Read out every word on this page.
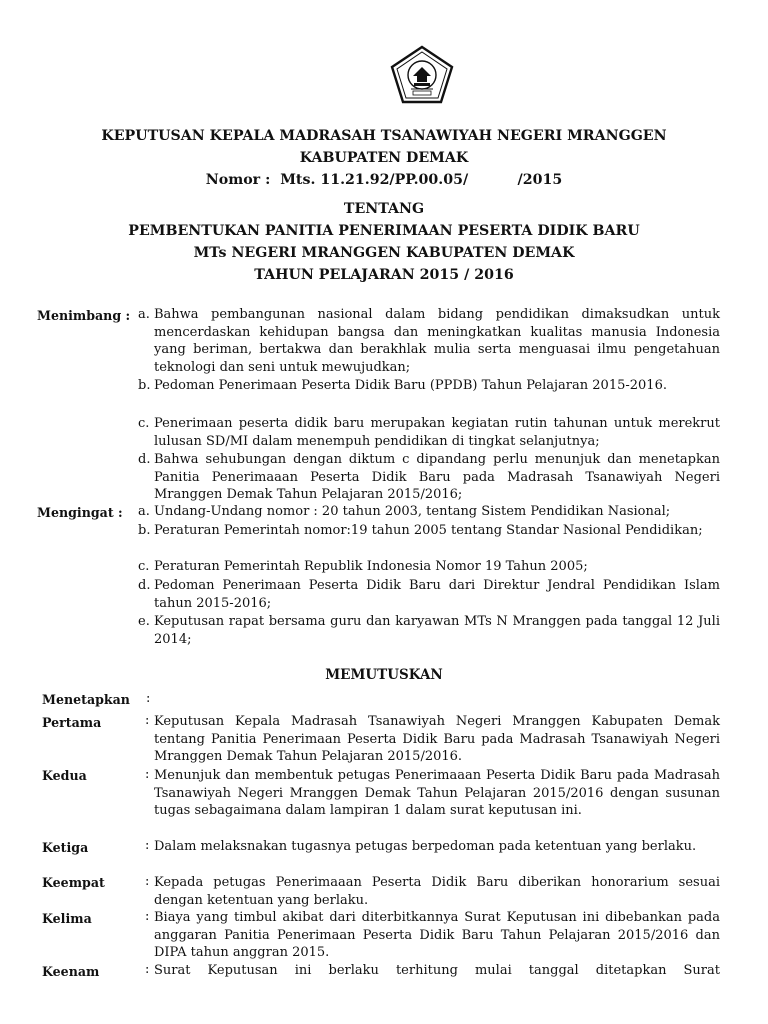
KEPUTUSAN KEPALA MADRASAH TSANAWIYAH NEGERI MRANGGEN
KABUPATEN DEMAK
Nomor :  Mts. 11.21.92/PP.00.05/          /2015
TENTANG
PEMBENTUKAN PANITIA PENERIMAAN PESERTA DIDIK BARU
MTs NEGERI MRANGGEN KABUPATEN DEMAK
TAHUN PELAJARAN 2015 / 2016
Menimbang : a. Bahwa pembangunan nasional dalam bidang pendidikan dimaksudkan untuk mencerdaskan kehidupan bangsa dan meningkatkan kualitas manusia Indonesia yang beriman, bertakwa dan berakhlak mulia serta menguasai ilmu pengetahuan teknologi dan seni untuk mewujudkan;
b. Pedoman Penerimaan Peserta Didik Baru (PPDB) Tahun Pelajaran 2015-2016.
c. Penerimaan peserta didik baru merupakan kegiatan rutin tahunan untuk merekrut lulusan SD/MI dalam menempuh pendidikan di tingkat selanjutnya;
d. Bahwa sehubungan dengan diktum c dipandang perlu menunjuk dan menetapkan Panitia Penerimaaan Peserta Didik Baru pada Madrasah Tsanawiyah Negeri Mranggen Demak Tahun Pelajaran 2015/2016;
Mengingat : a. Undang-Undang nomor : 20 tahun 2003, tentang Sistem Pendidikan Nasional;
b. Peraturan Pemerintah nomor:19 tahun 2005 tentang Standar Nasional Pendidikan;
c. Peraturan Pemerintah Republik Indonesia Nomor 19 Tahun 2005;
d. Pedoman Penerimaan Peserta Didik Baru dari Direktur Jendral Pendidikan Islam tahun 2015-2016;
e. Keputusan rapat bersama guru dan karyawan MTs N Mranggen pada tanggal 12 Juli 2014;
MEMUTUSKAN
Menetapkan :
Pertama	: Keputusan Kepala Madrasah Tsanawiyah Negeri Mranggen Kabupaten Demak tentang Panitia Penerimaan Peserta Didik Baru pada Madrasah Tsanawiyah Negeri Mranggen Demak Tahun Pelajaran 2015/2016.
Kedua	: Menunjuk dan membentuk petugas Penerimaaan Peserta Didik Baru pada Madrasah Tsanawiyah Negeri Mranggen Demak Tahun Pelajaran 2015/2016 dengan susunan tugas sebagaimana dalam lampiran 1 dalam surat keputusan ini.
Ketiga	: Dalam melaksnakan tugasnya petugas berpedoman pada ketentuan yang berlaku.
Keempat	: Kepada petugas Penerimaaan Peserta Didik Baru diberikan honorarium sesuai dengan ketentuan yang berlaku.
Kelima	: Biaya yang timbul akibat dari diterbitkannya Surat Keputusan ini dibebankan pada anggaran Panitia Penerimaan Peserta Didik Baru Tahun Pelajaran 2015/2016 dan DIPA tahun anggran 2015.
Keenam	: Surat Keputusan ini berlaku terhitung mulai tanggal ditetapkan Surat
